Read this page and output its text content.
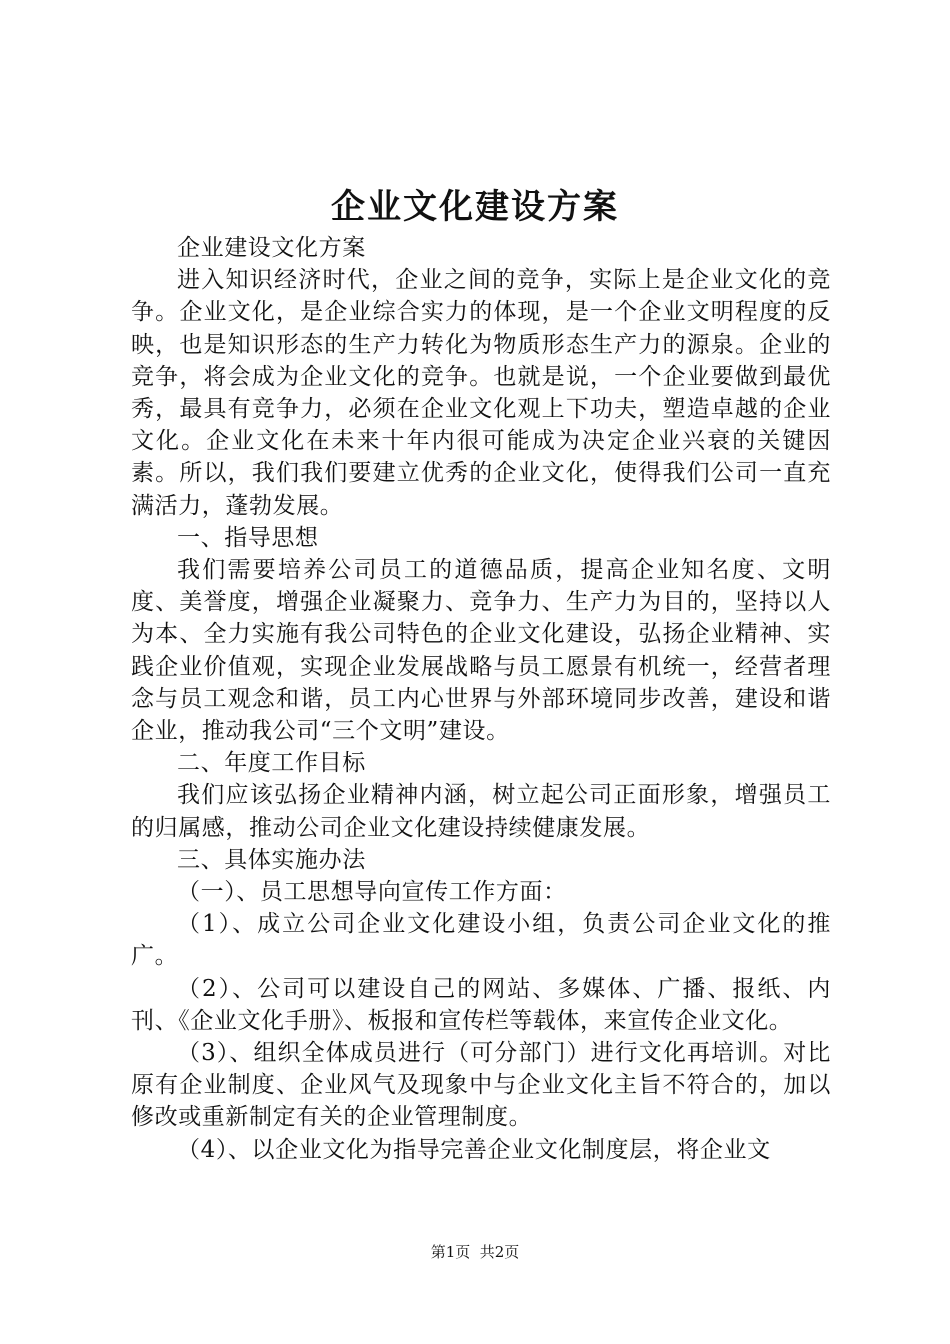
企业文化建设方案

企业建设文化方案

进入知识经济时代，企业之间的竞争，实际上是企业文化的竞争。企业文化，是企业综合实力的体现，是一个企业文明程度的反映，也是知识形态的生产力转化为物质形态生产力的源泉。企业的竞争，将会成为企业文化的竞争。也就是说，一个企业要做到最优秀，最具有竞争力，必须在企业文化观上下功夫，塑造卓越的企业文化。企业文化在未来十年内很可能成为决定企业兴衰的关键因素。所以，我们我们要建立优秀的企业文化，使得我们公司一直充满活力，蓬勃发展。

一、指导思想

我们需要培养公司员工的道德品质，提高企业知名度、文明度、美誉度，增强企业凝聚力、竞争力、生产力为目的，坚持以人为本、全力实施有我公司特色的企业文化建设，弘扬企业精神、实践企业价值观，实现企业发展战略与员工愿景有机统一，经营者理念与员工观念和谐，员工内心世界与外部环境同步改善，建设和谐企业，推动我公司“三个文明”建设。

二、年度工作目标

我们应该弘扬企业精神内涵，树立起公司正面形象，增强员工的归属感，推动公司企业文化建设持续健康发展。

三、具体实施办法

（一）、员工思想导向宣传工作方面：

（1）、成立公司企业文化建设小组，负责公司企业文化的推广。

（2）、公司可以建设自己的网站、多媒体、广播、报纸、内刊、《企业文化手册》、板报和宣传栏等载体，来宣传企业文化。

（3）、组织全体成员进行（可分部门）进行文化再培训。对比原有企业制度、企业风气及现象中与企业文化主旨不符合的，加以修改或重新制定有关的企业管理制度。

（4）、以企业文化为指导完善企业文化制度层，将企业文

第1页  共2页
